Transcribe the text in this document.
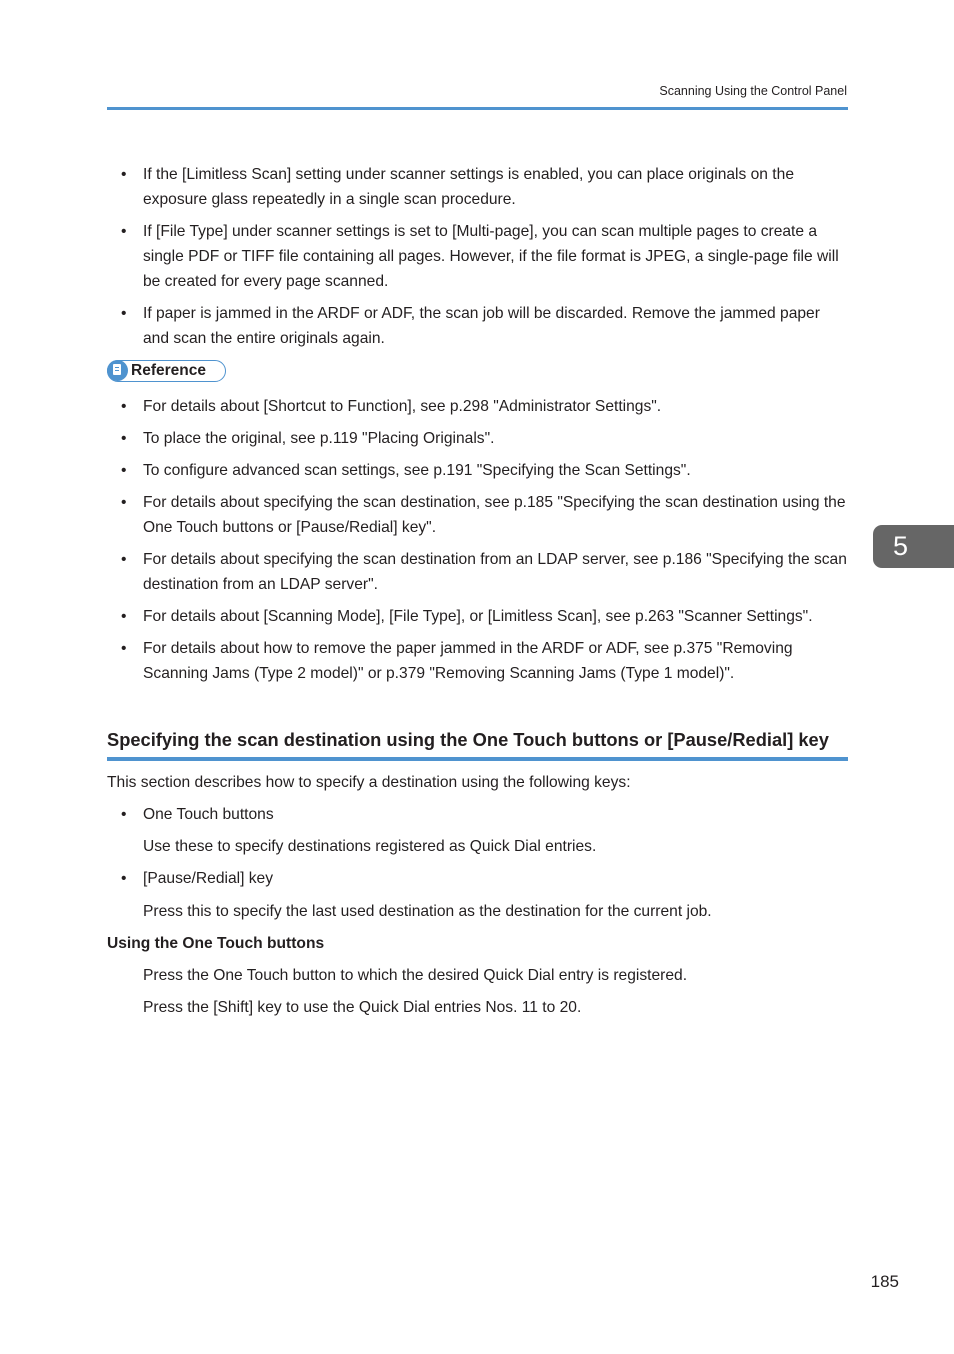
Scanning Using the Control Panel
• If the [Limitless Scan] setting under scanner settings is enabled, you can place originals on the exposure glass repeatedly in a single scan procedure.
• If [File Type] under scanner settings is set to [Multi-page], you can scan multiple pages to create a single PDF or TIFF file containing all pages. However, if the file format is JPEG, a single-page file will be created for every page scanned.
• If paper is jammed in the ARDF or ADF, the scan job will be discarded. Remove the jammed paper and scan the entire originals again.
Reference
• For details about [Shortcut to Function], see p.298 "Administrator Settings".
• To place the original, see p.119 "Placing Originals".
• To configure advanced scan settings, see p.191 "Specifying the Scan Settings".
• For details about specifying the scan destination, see p.185 "Specifying the scan destination using the One Touch buttons or [Pause/Redial] key".
• For details about specifying the scan destination from an LDAP server, see p.186 "Specifying the scan destination from an LDAP server".
• For details about [Scanning Mode], [File Type], or [Limitless Scan], see p.263 "Scanner Settings".
• For details about how to remove the paper jammed in the ARDF or ADF, see p.375 "Removing Scanning Jams (Type 2 model)" or p.379 "Removing Scanning Jams (Type 1 model)".
5
Specifying the scan destination using the One Touch buttons or [Pause/Redial] key

This section describes how to specify a destination using the following keys:

• One Touch buttons

Use these to specify destinations registered as Quick Dial entries.

• [Pause/Redial] key

Press this to specify the last used destination as the destination for the current job.

Using the One Touch buttons

Press the One Touch button to which the desired Quick Dial entry is registered.

Press the [Shift] key to use the Quick Dial entries Nos. 11 to 20.

185
